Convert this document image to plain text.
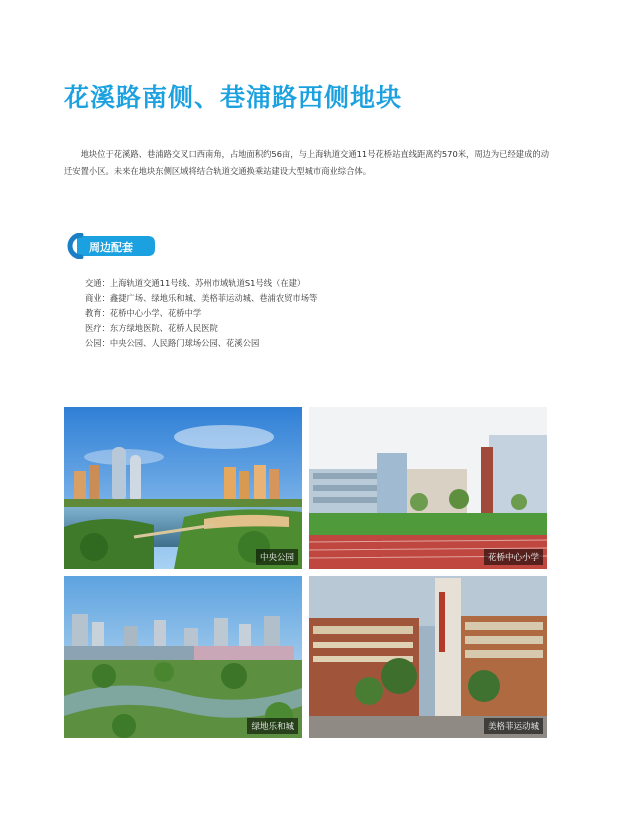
花溪路南侧、巷浦路西侧地块

地块位于花溪路、巷浦路交叉口西南角，占地面积约56亩，与上海轨道交通11号花桥站直线距离约570米，周边为已经建成的动迁安置小区。未来在地块东侧区域将结合轨道交通换乘站建设大型城市商业综合体。

周边配套
交通：上海轨道交通11号线、苏州市域轨道S1号线（在建）
商业：鑫捷广场、绿地乐和城、美格菲运动城、巷浦农贸市场等
教育：花桥中心小学、花桥中学
医疗：东方绿地医院、花桥人民医院
公园：中央公园、人民路门球场公园、花溪公园
中央公园	花桥中心小学
绿地乐和城	美格菲运动城
